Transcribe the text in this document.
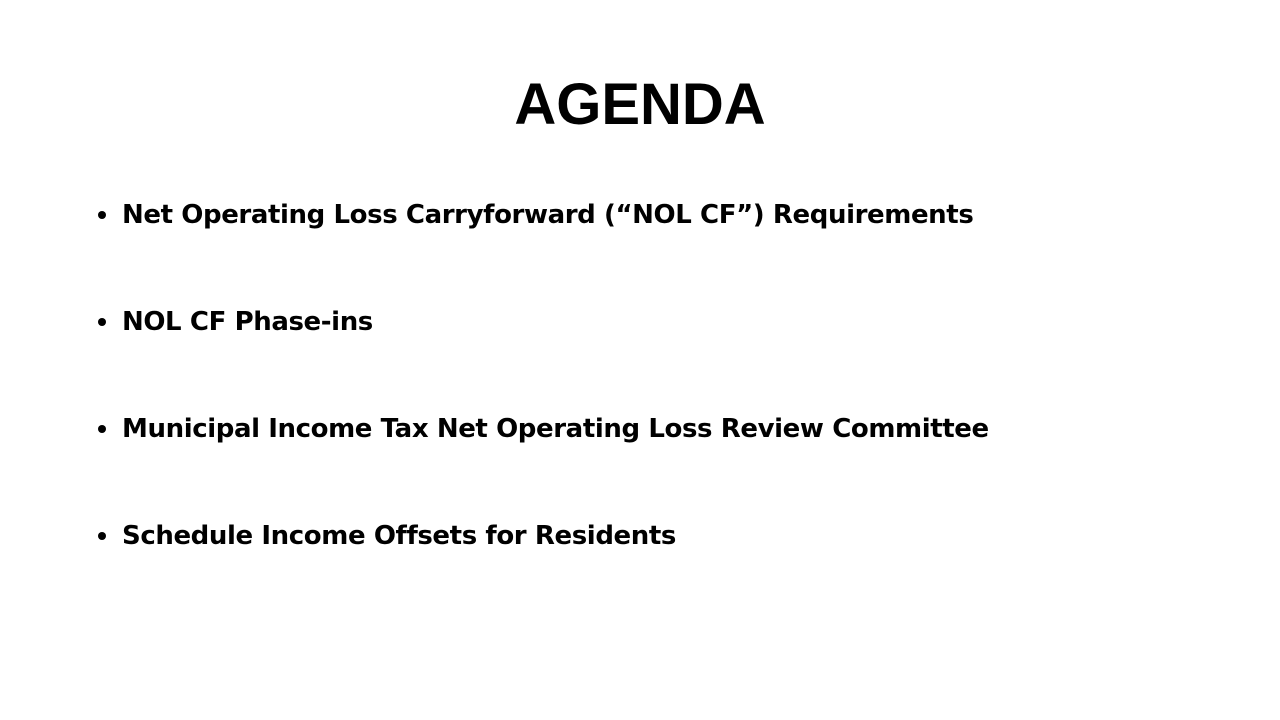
AGENDA
Net Operating Loss Carryforward (“NOL CF”) Requirements
NOL CF Phase-ins
Municipal Income Tax Net Operating Loss Review Committee
Schedule Income Offsets for Residents
